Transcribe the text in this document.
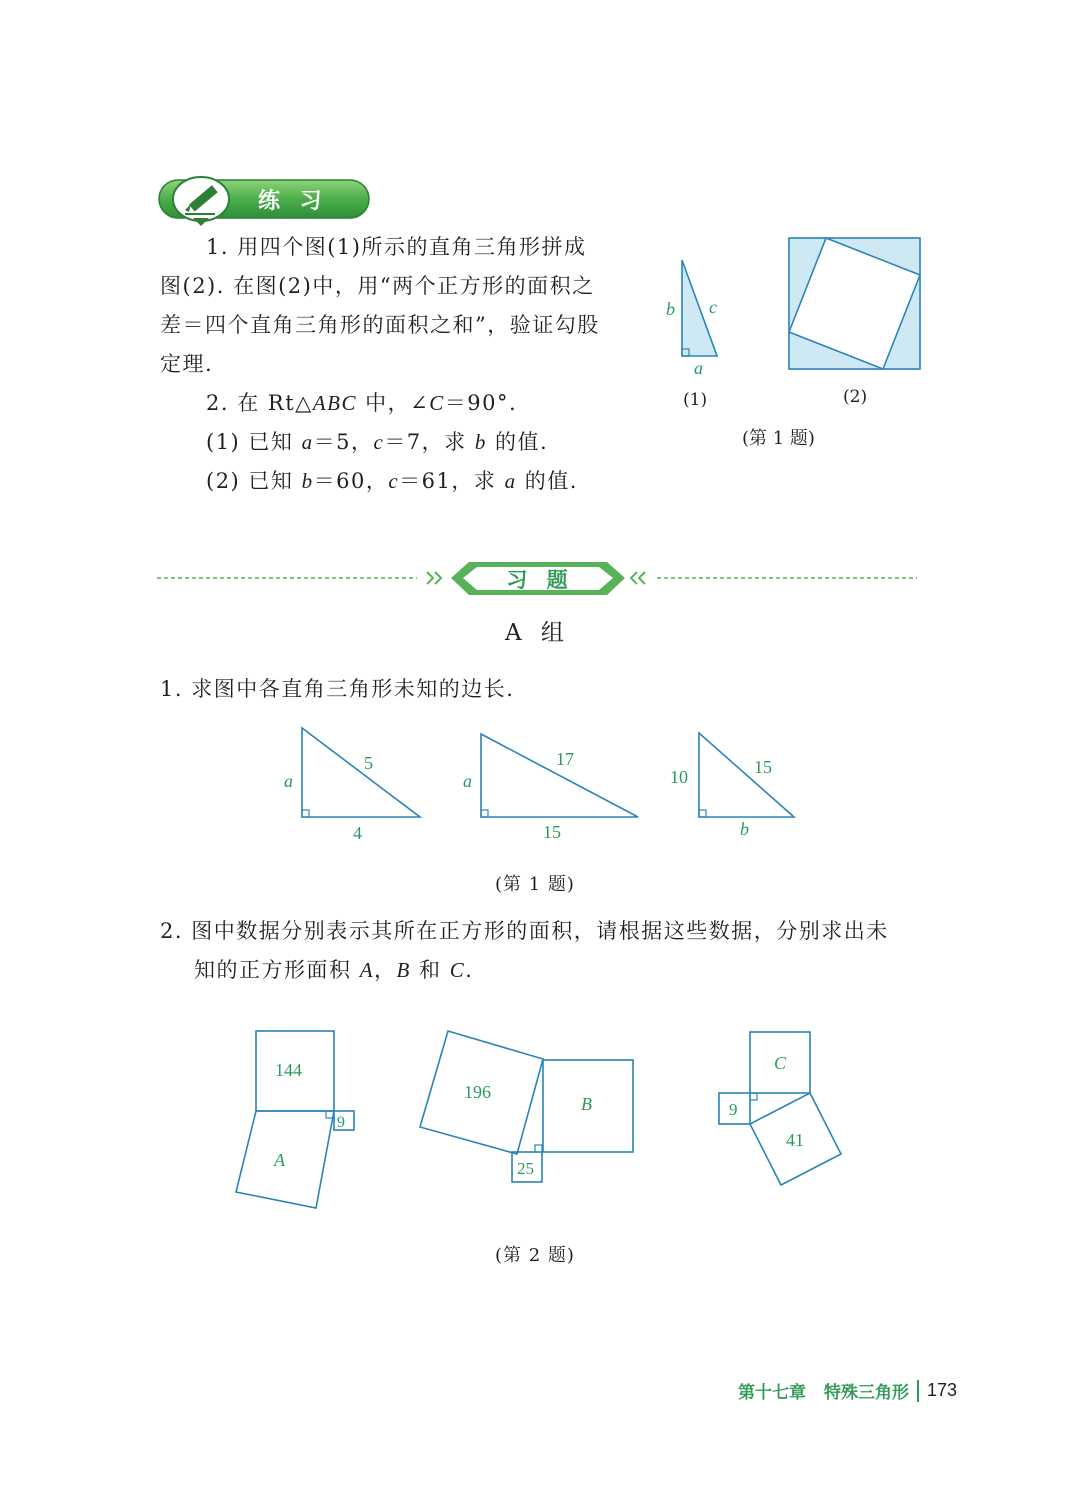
练 习

1. 用四个图(1)所示的直角三角形拼成

图(2). 在图(2)中，用“两个正方形的面积之

差＝四个直角三角形的面积之和”，验证勾股

定理.

2. 在 Rt△ABC 中，∠C＝90°.

(1) 已知 a＝5，c＝7，求 b 的值.

(2) 已知 b＝60，c＝61，求 a 的值.

b c
a
(1)	(2)
(第 1 题)
习 题
A 组
1. 求图中各直角三角形未知的边长.
a
5
4
a
17
15
10	15
b
(第 1 题)

2. 图中数据分别表示其所在正方形的面积，请根据这些数据，分别求出未

知的正方形面积 A，B 和 C.

144
9
A
196
B
25
C
9
41
(第 2 题)
第十七章 特殊三角形 173
